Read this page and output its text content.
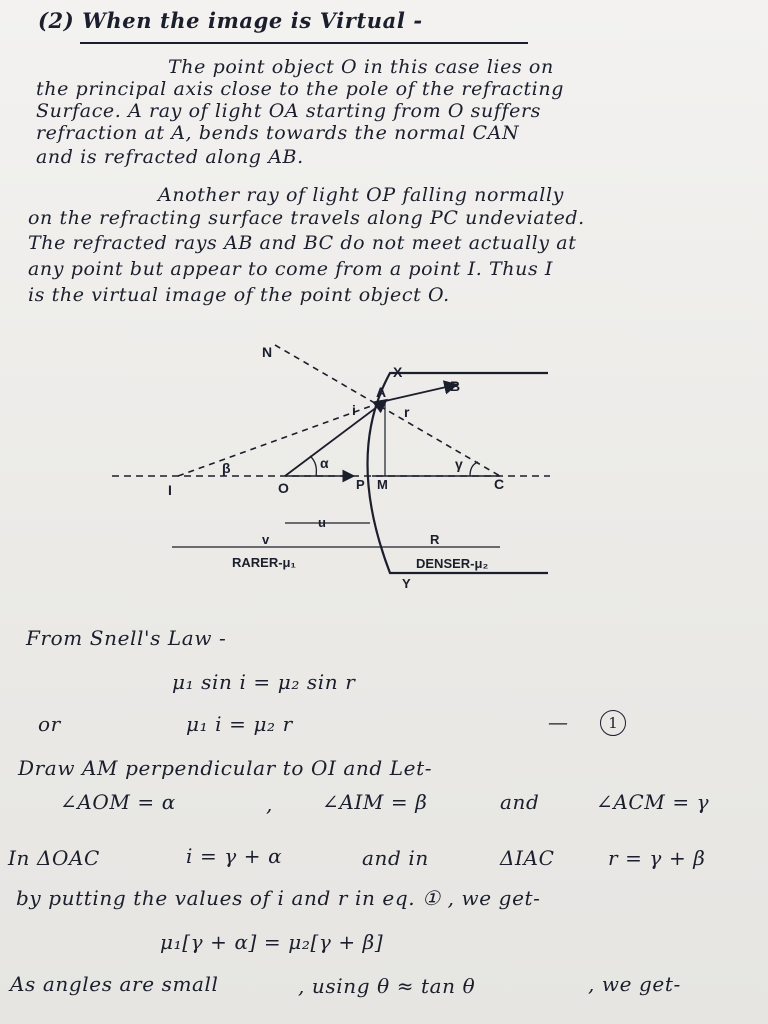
(2) When the image is Virtual -
The point object O in this case lies on
the principal axis close to the pole of the refracting
Surface. A ray of light OA starting from O suffers
refraction at A, bends towards the normal CAN
and is refracted along AB.
Another ray of light OP falling normally
on the refracting surface travels along PC undeviated.
The refracted rays AB and BC do not meet actually at
any point but appear to come from a point I. Thus I
is the virtual image of the point object O.
N
X
A	B
i	r
α
β	γ
I	O	P M	C
u
v	R
RARER-μ₁	DENSER-μ₂
Y
From Snell's Law -
μ₁ sin i = μ₂ sin r
or	μ₁ i = μ₂ r	—	1
Draw AM perpendicular to OI and Let-
∠AOM = α	, ∠AIM = β	and	∠ACM = γ
In ΔOAC	i = γ + α	and in	ΔIAC	r = γ + β
by putting the values of i and r in eq. ① , we get-
μ₁[γ + α] = μ₂[γ + β]
As angles are small	, using θ ≈ tan θ	, we get-
